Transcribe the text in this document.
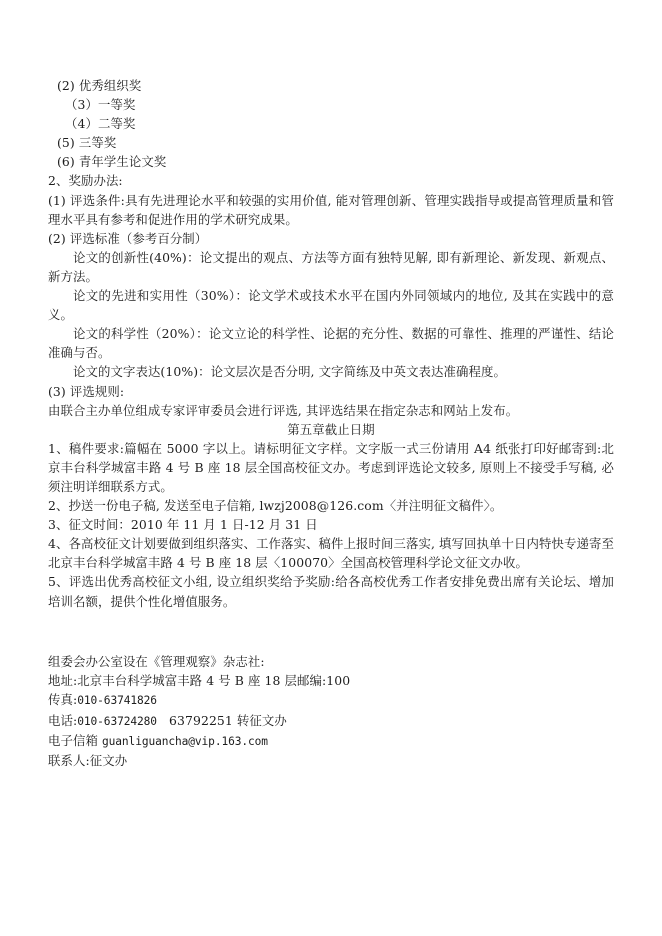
(2) 优秀组织奖
（3）一等奖
（4）二等奖
(5) 三等奖
(6) 青年学生论文奖
2、奖励办法:
(1) 评选条件:具有先进理论水平和较强的实用价值, 能对管理创新、管理实践指导或提高管理质量和管理水平具有参考和促进作用的学术研究成果。
(2) 评选标准（参考百分制）
论文的创新性(40%)：论文提出的观点、方法等方面有独特见解, 即有新理论、新发现、新观点、新方法。
论文的先进和实用性（30%）：论文学术或技术水平在国内外同领域内的地位, 及其在实践中的意义。
论文的科学性（20%）：论文立论的科学性、论据的充分性、数据的可靠性、推理的严谨性、结论准确与否。
论文的文字表达(10%)：论文层次是否分明, 文字简练及中英文表达准确程度。
(3) 评选规则:
由联合主办单位组成专家评审委员会进行评选, 其评选结果在指定杂志和网站上发布。
第五章截止日期
1、稿件要求:篇幅在 5000 字以上。请标明征文字样。文字版一式三份请用 A4 纸张打印好邮寄到:北京丰台科学城富丰路 4 号 B 座 18 层全国高校征文办。考虑到评选论文较多, 原则上不接受手写稿, 必须注明详细联系方式。
2、抄送一份电子稿, 发送至电子信箱, lwzj2008@126.com〈并注明征文稿件〉。
3、征文时间：2010 年 11 月 1 日-12 月 31 日
4、各高校征文计划要做到组织落实、工作落实、稿件上报时间三落实, 填写回执单十日内特快专递寄至北京丰台科学城富丰路 4 号 B 座 18 层〈100070〉全国高校管理科学论文征文办收。
5、评选出优秀高校征文小组, 设立组织奖给予奖励:给各高校优秀工作者安排免费出席有关论坛、增加培训名额，提供个性化增值服务。
组委会办公室设在《管理观察》杂志社:
地址:北京丰台科学城富丰路 4 号 B 座 18 层邮编:100
传真:010-63741826
电话:010-63724280 63792251 转征文办
电子信箱 guanliguancha@vip.163.com
联系人:征文办
